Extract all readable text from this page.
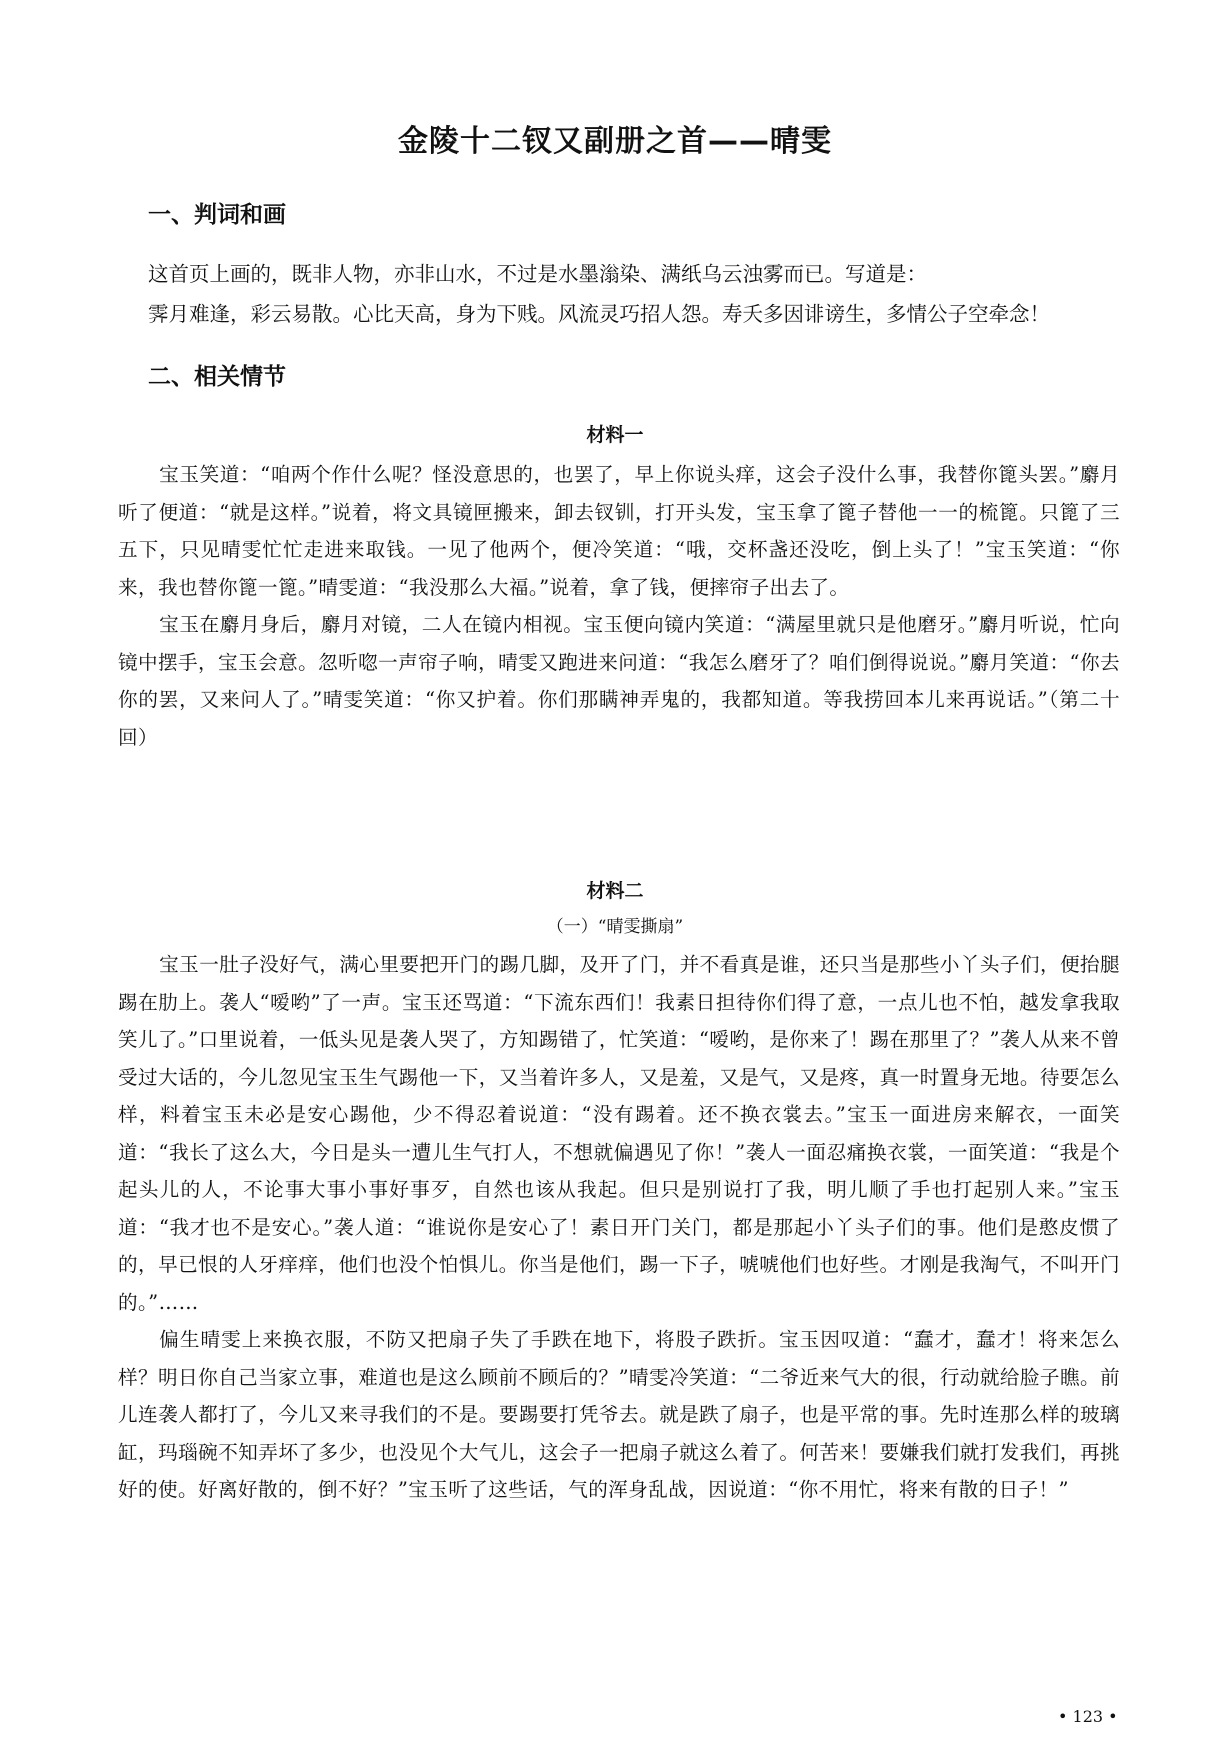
金陵十二钗又副册之首——晴雯
一、判词和画

这首页上画的，既非人物，亦非山水，不过是水墨滃染、满纸乌云浊雾而已。写道是：

霁月难逢，彩云易散。心比天高，身为下贱。风流灵巧招人怨。寿夭多因诽谤生，多情公子空牵念！

二、相关情节
材料一

宝玉笑道：“咱两个作什么呢？怪没意思的，也罢了，早上你说头痒，这会子没什么事，我替你篦头罢。”麝月听了便道：“就是这样。”说着，将文具镜匣搬来，卸去钗钏，打开头发，宝玉拿了篦子替他一一的梳篦。只篦了三五下，只见晴雯忙忙走进来取钱。一见了他两个，便冷笑道：“哦，交杯盏还没吃，倒上头了！”宝玉笑道：“你来，我也替你篦一篦。”晴雯道：“我没那么大福。”说着，拿了钱，便摔帘子出去了。

宝玉在麝月身后，麝月对镜，二人在镜内相视。宝玉便向镜内笑道：“满屋里就只是他磨牙。”麝月听说，忙向镜中摆手，宝玉会意。忽听唿一声帘子响，晴雯又跑进来问道：“我怎么磨牙了？咱们倒得说说。”麝月笑道：“你去你的罢，又来问人了。”晴雯笑道：“你又护着。你们那瞒神弄鬼的，我都知道。等我捞回本儿来再说话。”（第二十回）

材料二
（一）“晴雯撕扇”

宝玉一肚子没好气，满心里要把开门的踢几脚，及开了门，并不看真是谁，还只当是那些小丫头子们，便抬腿踢在肋上。袭人“嗳哟”了一声。宝玉还骂道：“下流东西们！我素日担待你们得了意，一点儿也不怕，越发拿我取笑儿了。”口里说着，一低头见是袭人哭了，方知踢错了，忙笑道：“嗳哟，是你来了！踢在那里了？”袭人从来不曾受过大话的，今儿忽见宝玉生气踢他一下，又当着许多人，又是羞，又是气，又是疼，真一时置身无地。待要怎么样，料着宝玉未必是安心踢他，少不得忍着说道：“没有踢着。还不换衣裳去。”宝玉一面进房来解衣，一面笑道：“我长了这么大，今日是头一遭儿生气打人，不想就偏遇见了你！”袭人一面忍痛换衣裳，一面笑道：“我是个起头儿的人，不论事大事小事好事歹，自然也该从我起。但只是别说打了我，明儿顺了手也打起别人来。”宝玉道：“我才也不是安心。”袭人道：“谁说你是安心了！素日开门关门，都是那起小丫头子们的事。他们是憨皮惯了的，早已恨的人牙痒痒，他们也没个怕惧儿。你当是他们，踢一下子，唬唬他们也好些。才刚是我淘气，不叫开门的。”……

偏生晴雯上来换衣服，不防又把扇子失了手跌在地下，将股子跌折。宝玉因叹道：“蠢才，蠢才！将来怎么样？明日你自己当家立事，难道也是这么顾前不顾后的？”晴雯冷笑道：“二爷近来气大的很，行动就给脸子瞧。前儿连袭人都打了，今儿又来寻我们的不是。要踢要打凭爷去。就是跌了扇子，也是平常的事。先时连那么样的玻璃缸，玛瑙碗不知弄坏了多少，也没见个大气儿，这会子一把扇子就这么着了。何苦来！要嫌我们就打发我们，再挑好的使。好离好散的，倒不好？”宝玉听了这些话，气的浑身乱战，因说道：“你不用忙，将来有散的日子！”

• 123 •
